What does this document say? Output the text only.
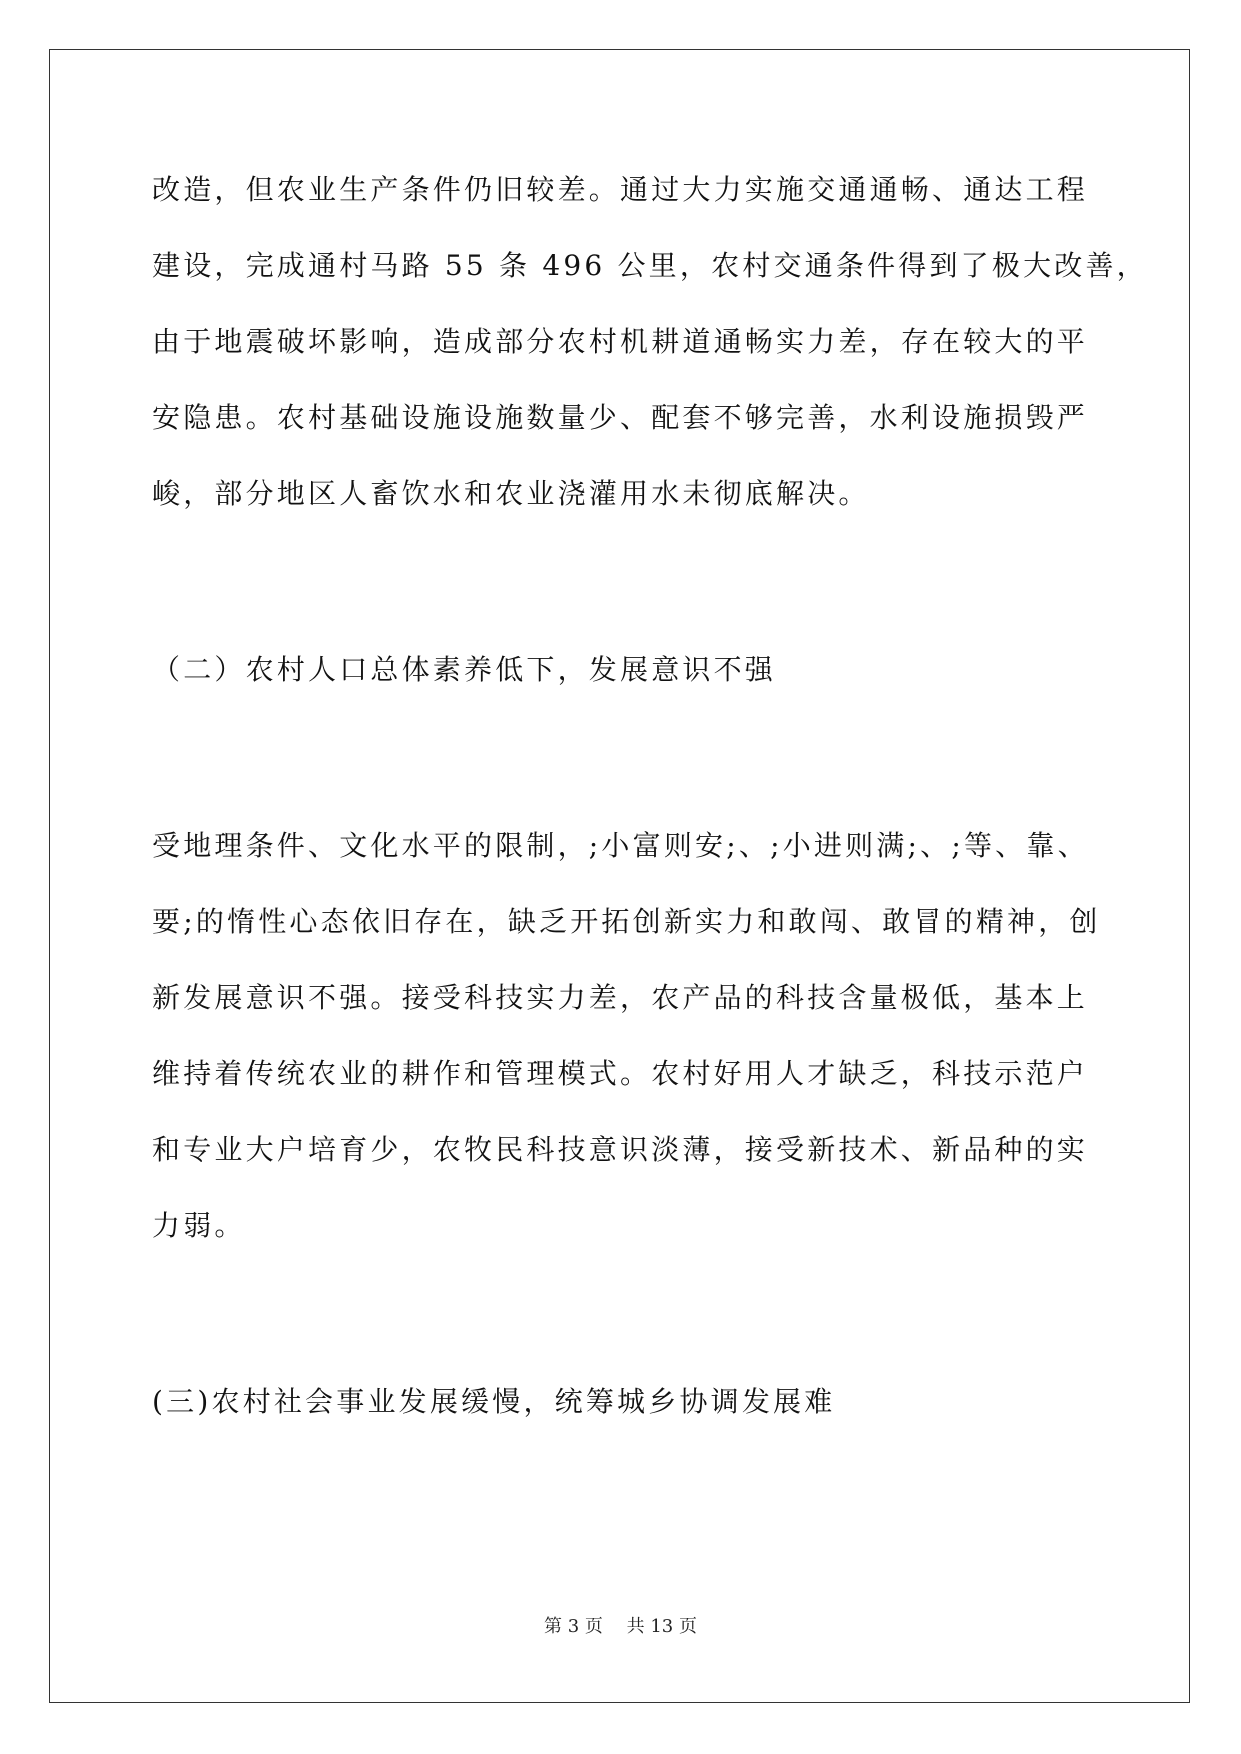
改造，但农业生产条件仍旧较差。通过大力实施交通通畅、通达工程
建设，完成通村马路 55 条 496 公里，农村交通条件得到了极大改善，
由于地震破坏影响，造成部分农村机耕道通畅实力差，存在较大的平
安隐患。农村基础设施设施数量少、配套不够完善，水利设施损毁严
峻，部分地区人畜饮水和农业浇灌用水未彻底解决。
（二）农村人口总体素养低下，发展意识不强
受地理条件、文化水平的限制，;小富则安;、;小进则满;、;等、靠、
要;的惰性心态依旧存在，缺乏开拓创新实力和敢闯、敢冒的精神，创
新发展意识不强。接受科技实力差，农产品的科技含量极低，基本上
维持着传统农业的耕作和管理模式。农村好用人才缺乏，科技示范户
和专业大户培育少，农牧民科技意识淡薄，接受新技术、新品种的实
力弱。
(三)农村社会事业发展缓慢，统筹城乡协调发展难
第 3 页　 共 13 页
